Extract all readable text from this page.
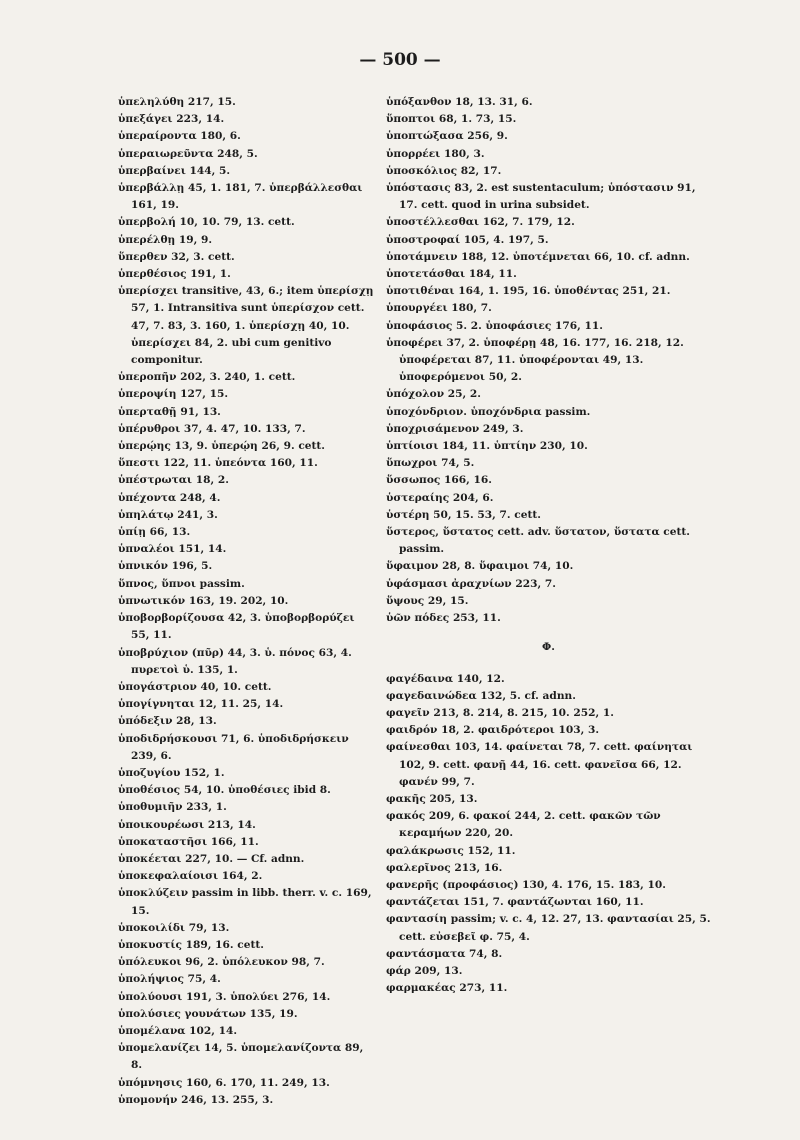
— 500 —
ὑπεληλύθη 217, 15.
ὑπεξάγει 223, 14.
ὑπεραίροντα 180, 6.
ὑπεραιωρεῦντα 248, 5.
ὑπερβαίνει 144, 5.
ὑπερβάλλῃ 45, 1. 181, 7. ὑπερβάλλεσθαι 161, 19.
ὑπερβολή 10, 10. 79, 13. cett.
ὑπερέλθῃ 19, 9.
ὕπερθεν 32, 3. cett.
ὑπερθέσιος 191, 1.
ὑπερίσχει transitive, 43, 6.; item ὑπερίσχῃ 57, 1. Intransitiva sunt ὑπερίσχον cett. 47, 7. 83, 3. 160, 1. ὑπερίσχῃ 40, 10. ὑπερίσχει 84, 2. ubi cum genitivo componitur.
ὑπεροπῆν 202, 3. 240, 1. cett.
ὑπεροψίη 127, 15.
ὑπερταθῇ 91, 13.
ὑπέρυθροι 37, 4. 47, 10. 133, 7.
ὑπερῴης 13, 9. ὑπερῴη 26, 9. cett.
ὕπεστι 122, 11. ὑπεόντα 160, 11.
ὑπέστρωται 18, 2.
ὑπέχοντα 248, 4.
ὑπηλάτῳ 241, 3.
ὑπίῃ 66, 13.
ὑπναλέοι 151, 14.
ὑπνικόν 196, 5.
ὕπνος, ὕπνοι passim.
ὑπνωτικόν 163, 19. 202, 10.
ὑποβορβορίζουσα 42, 3. ὑποβορβορύζει 55, 11.
ὑποβρύχιον (πῦρ) 44, 3. ὑ. πόνος 63, 4. πυρετοὶ ὑ. 135, 1.
ὑπογάστριον 40, 10. cett.
ὑπογίγνηται 12, 11. 25, 14.
ὑπόδεξιν 28, 13.
ὑποδιδρήσκουσι 71, 6. ὑποδιδρήσκειν 239, 6.
ὑποζυγίου 152, 1.
ὑποθέσιος 54, 10. ὑποθέσιες ibid 8.
ὑποθυμιῆν 233, 1.
ὑποικουρέωσι 213, 14.
ὑποκαταστῆσι 166, 11.
ὑποκέεται 227, 10. — Cf. adnn.
ὑποκεφαλαίοισι 164, 2.
ὑποκλύζειν passim in libb. therr. v. c. 169, 15.
ὑποκοιλίδι 79, 13.
ὑποκυστίς 189, 16. cett.
ὑπόλευκοι 96, 2. ὑπόλευκον 98, 7.
ὑπολήψιος 75, 4.
ὑπολύουσι 191, 3. ὑπολύει 276, 14.
ὑπολύσιες γουνάτων 135, 19.
ὑπομέλανα 102, 14.
ὑπομελανίζει 14, 5. ὑπομελανίζοντα 89, 8.
ὑπόμνησις 160, 6. 170, 11. 249, 13.
ὑπομονήν 246, 13. 255, 3.
ὑπόξανθον 18, 13. 31, 6.
ὕποπτοι 68, 1. 73, 15.
ὑποπτώξασα 256, 9.
ὑπορρέει 180, 3.
ὑποσκόλιος 82, 17.
ὑπόστασις 83, 2. est sustentaculum; ὑπόστασιν 91, 17. cett. quod in urina subsidet.
ὑποστέλλεσθαι 162, 7. 179, 12.
ὑποστροφαί 105, 4. 197, 5.
ὑποτάμνειν 188, 12. ὑποτέμνεται 66, 10. cf. adnn.
ὑποτετάσθαι 184, 11.
ὑποτιθέναι 164, 1. 195, 16. ὑποθέντας 251, 21.
ὑπουργέει 180, 7.
ὑποφάσιος 5. 2. ὑποφάσιες 176, 11.
ὑποφέρει 37, 2. ὑποφέρῃ 48, 16. 177, 16. 218, 12. ὑποφέρεται 87, 11. ὑποφέρονται 49, 13. ὑποφερόμενοι 50, 2.
ὑπόχολον 25, 2.
ὑποχόνδριον. ὑποχόνδρια passim.
ὑποχρισάμενον 249, 3.
ὑπτίοισι 184, 11. ὑπτίην 230, 10.
ὕπωχροι 74, 5.
ὕσσωπος 166, 16.
ὑστεραίης 204, 6.
ὑστέρη 50, 15. 53, 7. cett.
ὕστερος, ὕστατος cett. adv. ὕστατον, ὕστατα cett. passim.
ὕφαιμον 28, 8. ὕφαιμοι 74, 10.
ὑφάσμασι ἀραχνίων 223, 7.
ὕψους 29, 15.
ὑῶν πόδες 253, 11.
Φ.
φαγέδαινα 140, 12.
φαγεδαινώδεα 132, 5. cf. adnn.
φαγεῖν 213, 8. 214, 8. 215, 10. 252, 1.
φαιδρόν 18, 2. φαιδρότεροι 103, 3.
φαίνεσθαι 103, 14. φαίνεται 78, 7. cett. φαίνηται 102, 9. cett. φανῇ 44, 16. cett. φανεῖσα 66, 12. φανέν 99, 7.
φακῆς 205, 13.
φακός 209, 6. φακοί 244, 2. cett. φακῶν τῶν κεραμήων 220, 20.
φαλάκρωσις 152, 11.
φαλερῖνος 213, 16.
φανερῆς (προφάσιος) 130, 4. 176, 15. 183, 10.
φαντάζεται 151, 7. φαντάζωνται 160, 11.
φαντασίη passim; v. c. 4, 12. 27, 13. φαντασίαι 25, 5. cett. εὐσεβεῖ φ. 75, 4.
φαντάσματα 74, 8.
φάρ 209, 13.
φαρμακέας 273, 11.
